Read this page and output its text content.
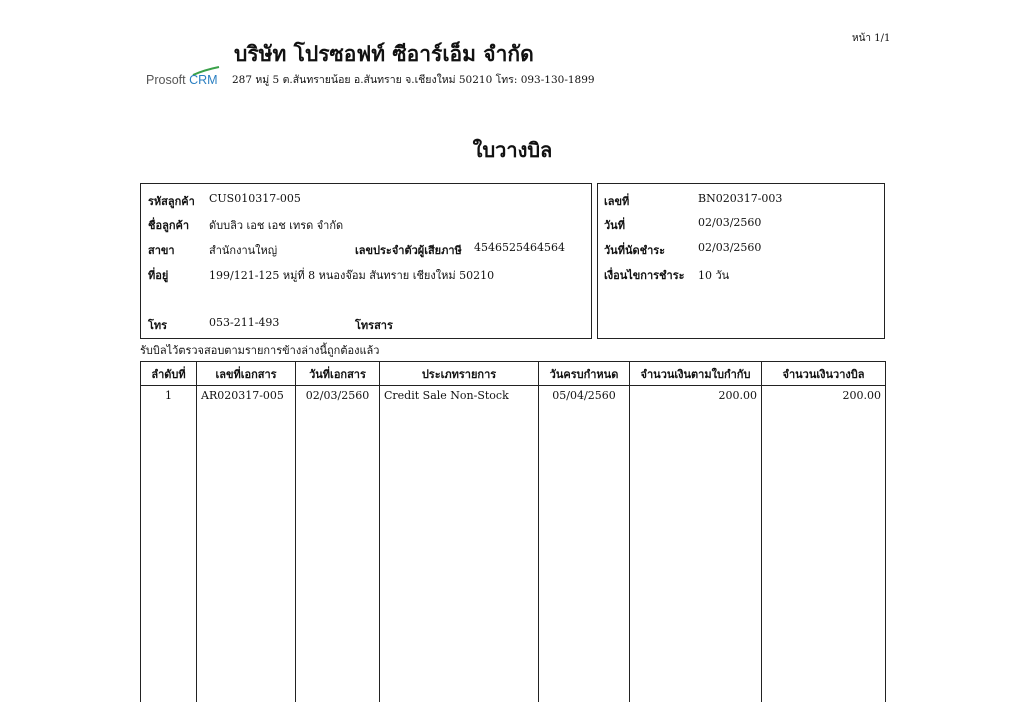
หน้า 1/1
บริษัท โปรซอฟท์ ซีอาร์เอ็ม จำกัด
Prosoft CRM 287 หมู่ 5 ต.สันทรายน้อย อ.สันทราย จ.เชียงใหม่ 50210 โทร: 093-130-1899
ใบวางบิล
รหัสลูกค้า CUS010317-005
ชื่อลูกค้า ดับบลิว เอช เอช เทรด จำกัด
สาขา	สำนักงานใหญ่	เลขประจำตัวผู้เสียภาษี 4546525464564
ที่อยู่	199/121-125 หมู่ที่ 8 หนองจ๊อม สันทราย เชียงใหม่ 50210
โทร	053-211-493	โทรสาร
เลขที่	BN020317-003
วันที่	02/03/2560
วันที่นัดชำระ	02/03/2560
เงื่อนไขการชำระ 10 วัน
รับบิลไว้ตรวจสอบตามรายการข้างล่างนี้ถูกต้องแล้ว
ลำดับที่	เลขที่เอกสาร	วันที่เอกสาร	ประเภทรายการ	วันครบกำหนด	จำนวนเงินตามใบกำกับ	จำนวนเงินวางบิล
1	AR020317-005	02/03/2560	Credit Sale Non-Stock	05/04/2560	200.00	200.00
